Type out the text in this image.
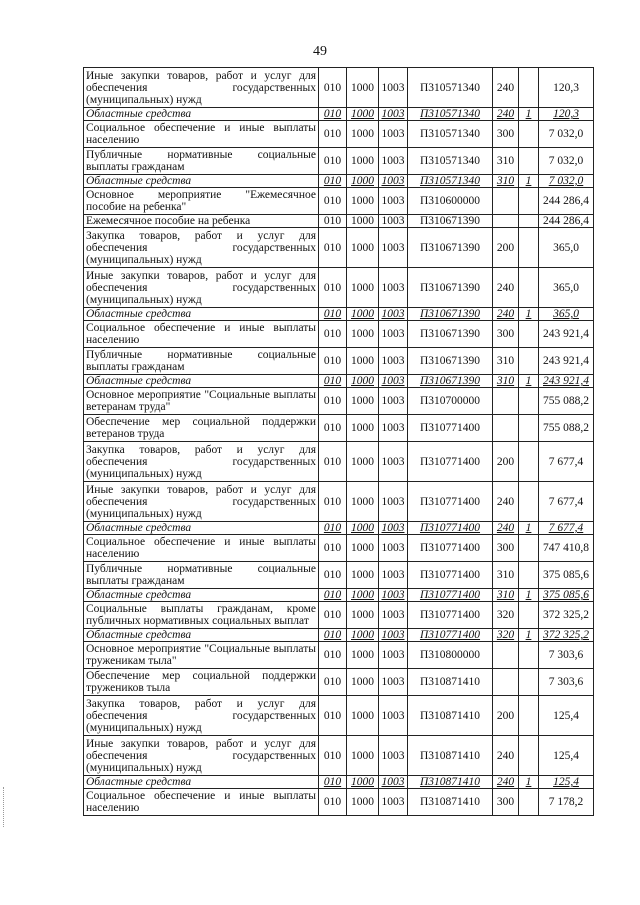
49
Иные закупки товаров, работ и услуг для обеспечения государственных (муниципальных) нужд	010	1000	1003	П310571340	240		120,3
Областные средства	010	1000	1003	П310571340	240	1	120,3
Социальное обеспечение и иные выплаты населению	010	1000	1003	П310571340	300		7 032,0
Публичные нормативные социальные выплаты гражданам	010	1000	1003	П310571340	310		7 032,0
Областные средства	010	1000	1003	П310571340	310	1	7 032,0
Основное мероприятие "Ежемесячное пособие на ребенка"	010	1000	1003	П310600000			244 286,4
Ежемесячное пособие на ребенка	010	1000	1003	П310671390			244 286,4
Закупка товаров, работ и услуг для обеспечения государственных (муниципальных) нужд	010	1000	1003	П310671390	200		365,0
Иные закупки товаров, работ и услуг для обеспечения государственных (муниципальных) нужд	010	1000	1003	П310671390	240		365,0
Областные средства	010	1000	1003	П310671390	240	1	365,0
Социальное обеспечение и иные выплаты населению	010	1000	1003	П310671390	300		243 921,4
Публичные нормативные социальные выплаты гражданам	010	1000	1003	П310671390	310		243 921,4
Областные средства	010	1000	1003	П310671390	310	1	243 921,4
Основное мероприятие "Социальные выплаты ветеранам труда"	010	1000	1003	П310700000			755 088,2
Обеспечение мер социальной поддержки ветеранов труда	010	1000	1003	П310771400			755 088,2
Закупка товаров, работ и услуг для обеспечения государственных (муниципальных) нужд	010	1000	1003	П310771400	200		7 677,4
Иные закупки товаров, работ и услуг для обеспечения государственных (муниципальных) нужд	010	1000	1003	П310771400	240		7 677,4
Областные средства	010	1000	1003	П310771400	240	1	7 677,4
Социальное обеспечение и иные выплаты населению	010	1000	1003	П310771400	300		747 410,8
Публичные нормативные социальные выплаты гражданам	010	1000	1003	П310771400	310		375 085,6
Областные средства	010	1000	1003	П310771400	310	1	375 085,6
Социальные выплаты гражданам, кроме публичных нормативных социальных выплат	010	1000	1003	П310771400	320		372 325,2
Областные средства	010	1000	1003	П310771400	320	1	372 325,2
Основное мероприятие "Социальные выплаты труженикам тыла"	010	1000	1003	П310800000			7 303,6
Обеспечение мер социальной поддержки тружеников тыла	010	1000	1003	П310871410			7 303,6
Закупка товаров, работ и услуг для обеспечения государственных (муниципальных) нужд	010	1000	1003	П310871410	200		125,4
Иные закупки товаров, работ и услуг для обеспечения государственных (муниципальных) нужд	010	1000	1003	П310871410	240		125,4
Областные средства	010	1000	1003	П310871410	240	1	125,4
Социальное обеспечение и иные выплаты населению	010	1000	1003	П310871410	300		7 178,2
